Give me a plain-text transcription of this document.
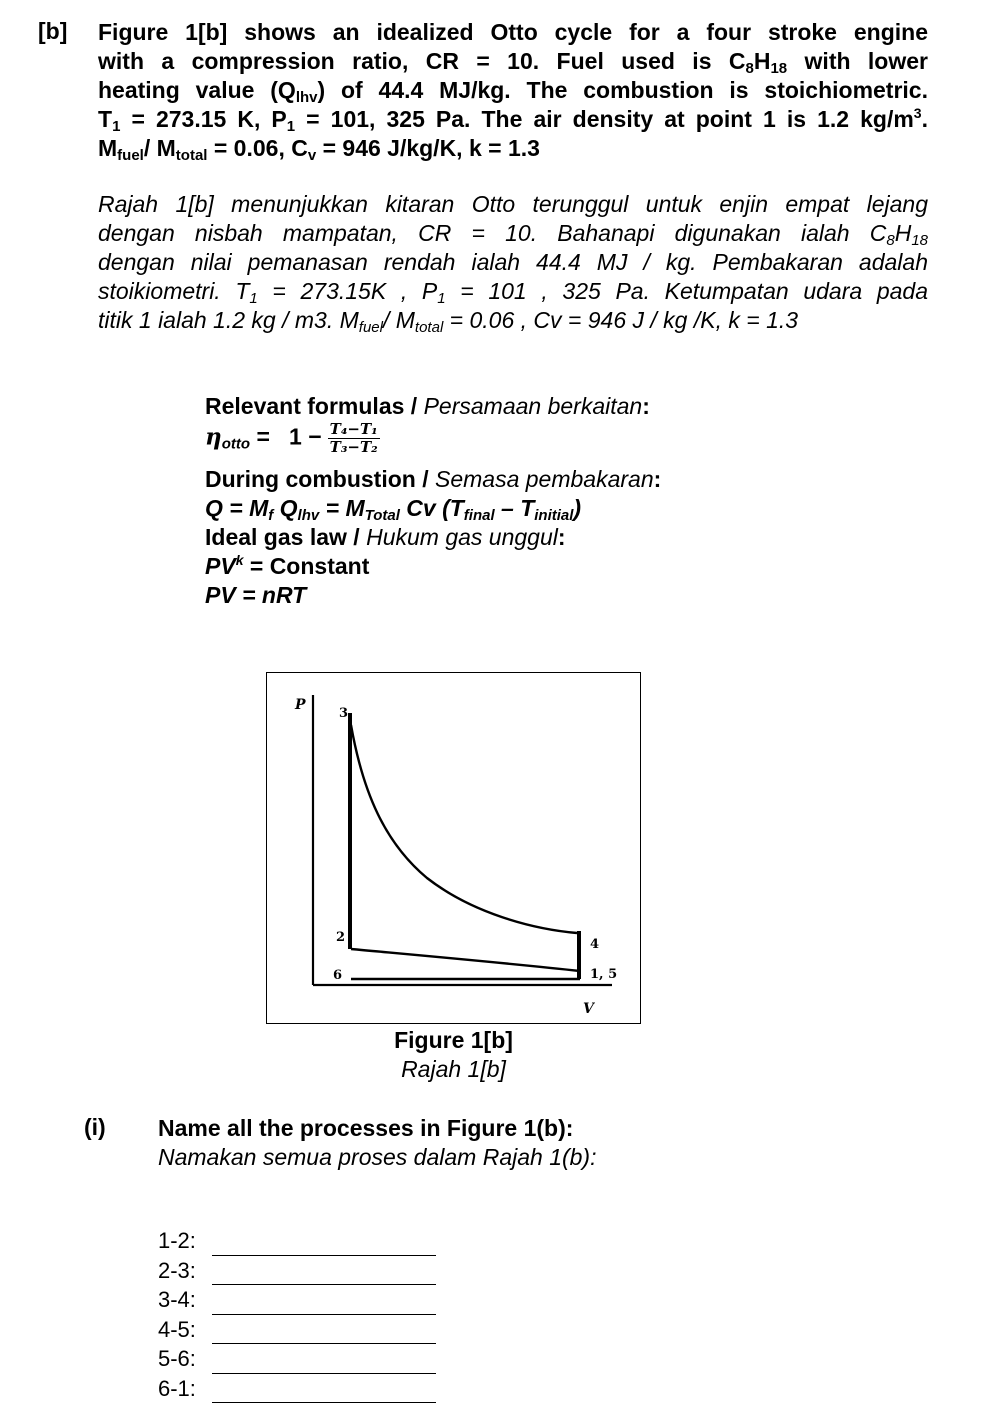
[b] Figure 1[b] shows an idealized Otto cycle for a four stroke engine

with a compression ratio, CR = 10. Fuel used is $C_8H_{18}$ with lower

heating value $(Q_{lhv})$ of 44.4 MJ/kg. The combustion is stoichiometric.

$T_1 = 273.15$ K, $P_1 = 101$, 325 Pa. The air density at point 1 is 1.2 $kg/m^3$.

$M_{fuel}/$ $M_{total} = 0.06$, $C_v = 946$ J/kg/K, k = 1.3

Rajah 1[b] menunjukkan kitaran Otto terunggul untuk enjin empat lejang

dengan nisbah mampatan, CR = 10. Bahanapi digunakan ialah $C_8H_{18}$

dengan nilai pemanasan rendah ialah 44.4 MJ / kg. Pembakaran adalah

stoikiometri. $T_1 = 273.15K$ , $P_1 = 101$ , 325 Pa. Ketumpatan udara pada

titik 1 ialah 1.2 kg / m3. $M_{fuel}/$ $M_{total} = 0.06$ , Cv = 946 J / kg /K, k = 1.3

Relevant formulas / Persamaan berkaitan:
$\eta_{otto} = 1 - \frac{\text{T₄−T₁}}{\text{T₃−T₂}}$
During combustion / Semasa pembakaran:
$Q = M_f$ $Q_{lhv} = M_{Total}$ Cv $(T_{final} - T_{initial})$
Ideal gas law / Hukum gas unggul:
$PV^k$ = Constant
PV = nRT
P
V
3
2
6
4
1, 5
Figure 1[b]
Rajah 1[b]
(i) Name all the processes in Figure 1(b):
Namakan semua proses dalam Rajah 1(b):
1-2:
2-3:
3-4:
4-5:
5-6:
6-1:
